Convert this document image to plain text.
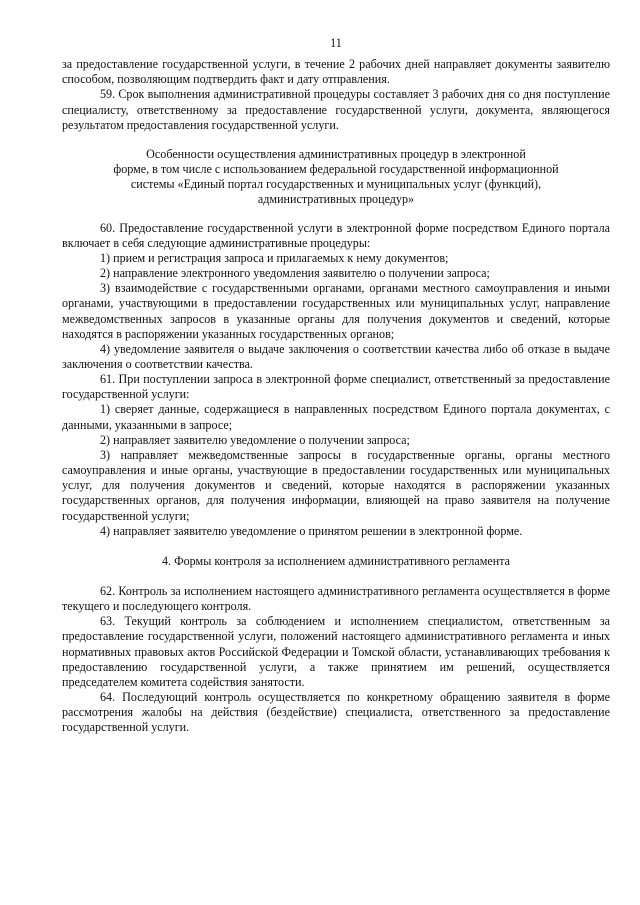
11

за предоставление государственной услуги, в течение 2 рабочих дней направляет документы заявителю способом, позволяющим подтвердить факт и дату отправления.

59. Срок выполнения административной процедуры составляет 3 рабочих дня со дня поступление специалисту, ответственному за предоставление государственной услуги, документа, являющегося результатом предоставления государственной услуги.

Особенности осуществления административных процедур в электронной
форме, в том числе с использованием федеральной государственной информационной
системы «Единый портал государственных и муниципальных услуг (функций),
административных процедур»

60. Предоставление государственной услуги в электронной форме посредством Единого портала включает в себя следующие административные процедуры:

1) прием и регистрация запроса и прилагаемых к нему документов;

2) направление электронного уведомления заявителю о получении запроса;

3) взаимодействие с государственными органами, органами местного самоуправления и иными органами, участвующими в предоставлении государственных или муниципальных услуг, направление межведомственных запросов в указанные органы для получения документов и сведений, которые находятся в распоряжении указанных государственных органов;

4) уведомление заявителя о выдаче заключения о соответствии качества либо об отказе в выдаче заключения о соответствии качества.

61. При поступлении запроса в электронной форме специалист, ответственный за предоставление государственной услуги:

1) сверяет данные, содержащиеся в направленных посредством Единого портала документах, с данными, указанными в запросе;

2) направляет заявителю уведомление о получении запроса;

3) направляет межведомственные запросы в государственные органы, органы местного самоуправления и иные органы, участвующие в предоставлении государственных или муниципальных услуг, для получения документов и сведений, которые находятся в распоряжении указанных государственных органов, для получения информации, влияющей на право заявителя на получение государственной услуги;

4) направляет заявителю уведомление о принятом решении в электронной форме.

4. Формы контроля за исполнением административного регламента

62. Контроль за исполнением настоящего административного регламента осуществляется в форме текущего и последующего контроля.

63. Текущий контроль за соблюдением и исполнением специалистом, ответственным за предоставление государственной услуги, положений настоящего административного регламента и иных нормативных правовых актов Российской Федерации и Томской области, устанавливающих требования к предоставлению государственной услуги, а также принятием им решений, осуществляется председателем комитета содействия занятости.

64. Последующий контроль осуществляется по конкретному обращению заявителя в форме рассмотрения жалобы на действия (бездействие) специалиста, ответственного за предоставление государственной услуги.
